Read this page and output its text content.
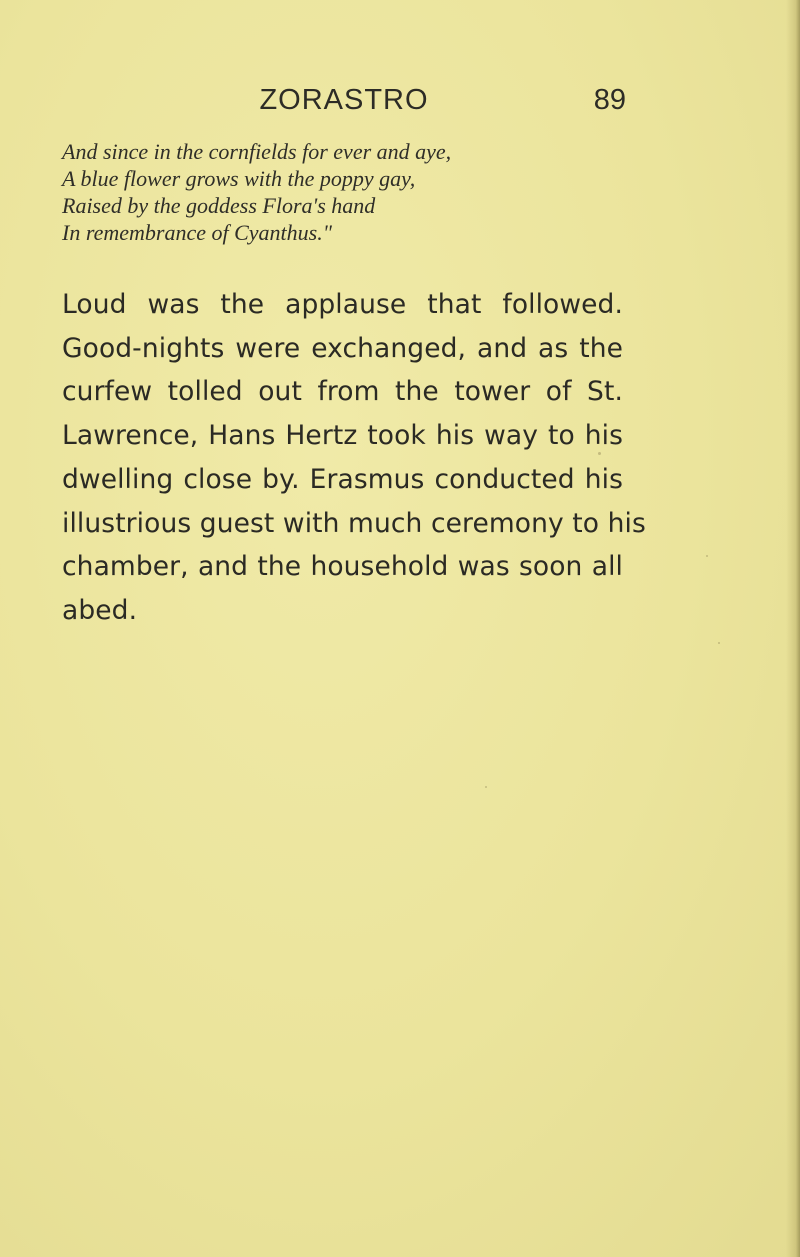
ZORASTRO	89
And since in the cornfields for ever and aye,
A blue flower grows with the poppy gay,
Raised by the goddess Flora's hand
In remembrance of Cyanthus."
Loud was the applause that followed.
Good-nights were exchanged, and as the
curfew tolled out from the tower of St.
Lawrence, Hans Hertz took his way to his
dwelling close by. Erasmus conducted his
illustrious guest with much ceremony to his
chamber, and the household was soon all
abed.
